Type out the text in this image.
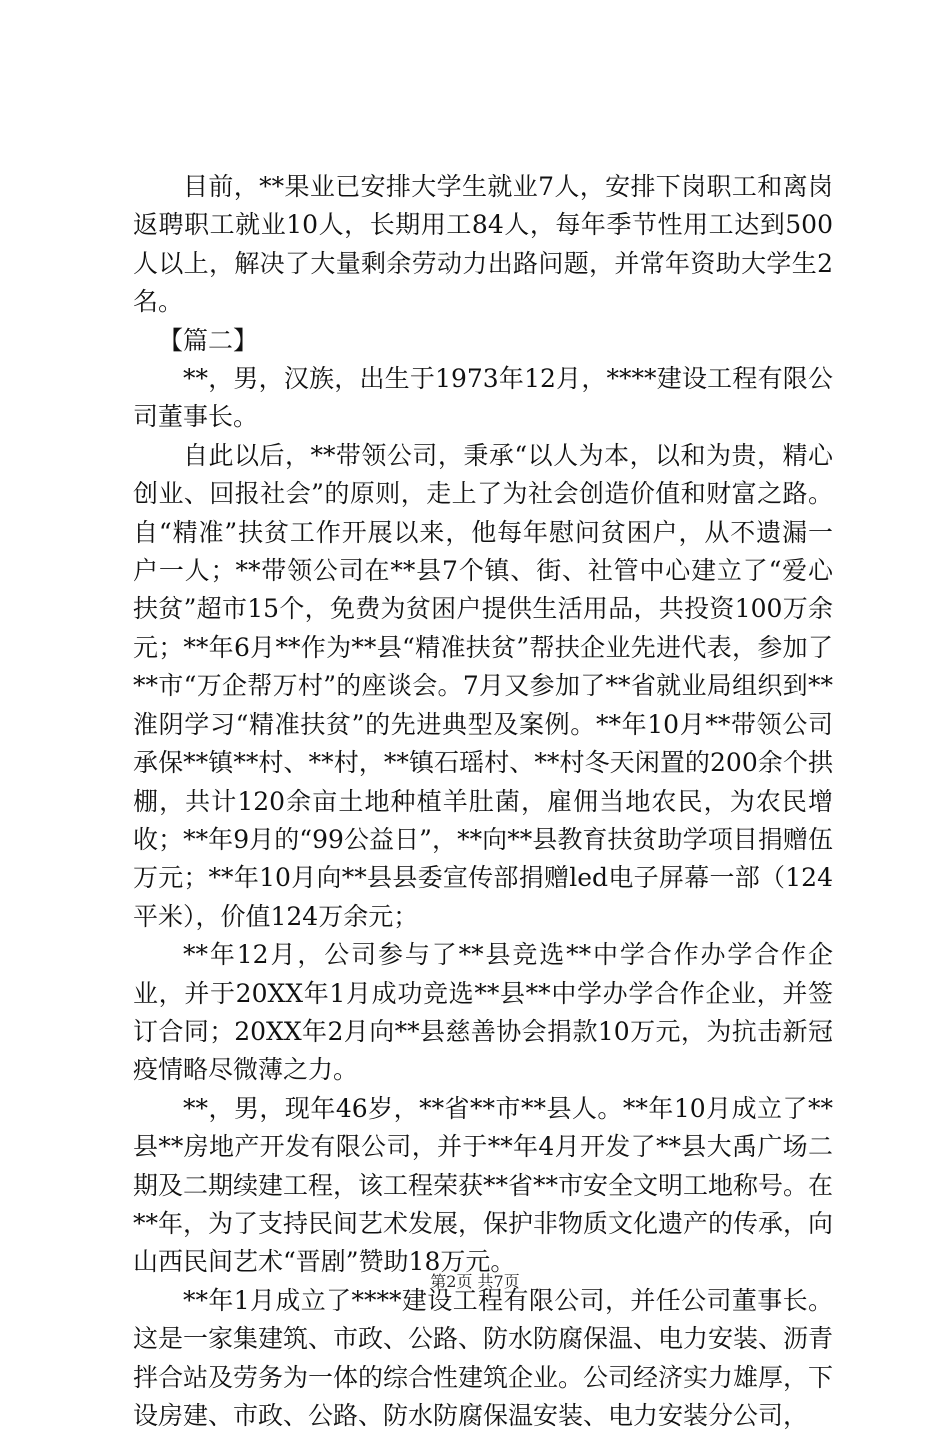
目前，**果业已安排大学生就业7人，安排下岗职工和离岗返聘职工就业10人，长期用工84人，每年季节性用工达到500人以上，解决了大量剩余劳动力出路问题，并常年资助大学生2名。

【篇二】

**，男，汉族，出生于1973年12月，****建设工程有限公司董事长。

自此以后，**带领公司，秉承“以人为本，以和为贵，精心创业、回报社会”的原则，走上了为社会创造价值和财富之路。自“精准”扶贫工作开展以来，他每年慰问贫困户，从不遗漏一户一人；**带领公司在**县7个镇、街、社管中心建立了“爱心扶贫”超市15个，免费为贫困户提供生活用品，共投资100万余元；**年6月**作为**县“精准扶贫”帮扶企业先进代表，参加了**市“万企帮万村”的座谈会。7月又参加了**省就业局组织到**淮阴学习“精准扶贫”的先进典型及案例。**年10月**带领公司承保**镇**村、**村，**镇石瑶村、**村冬天闲置的200余个拱棚，共计120余亩土地种植羊肚菌，雇佣当地农民，为农民增收；**年9月的“99公益日”，**向**县教育扶贫助学项目捐赠伍万元；**年10月向**县县委宣传部捐赠led电子屏幕一部（124平米），价值124万余元；

**年12月，公司参与了**县竞选**中学合作办学合作企业，并于20XX年1月成功竞选**县**中学办学合作企业，并签订合同；20XX年2月向**县慈善协会捐款10万元，为抗击新冠疫情略尽微薄之力。

**，男，现年46岁，**省**市**县人。**年10月成立了**县**房地产开发有限公司，并于**年4月开发了**县大禹广场二期及二期续建工程，该工程荣获**省**市安全文明工地称号。在**年，为了支持民间艺术发展，保护非物质文化遗产的传承，向山西民间艺术“晋剧”赞助18万元。

**年1月成立了****建设工程有限公司，并任公司董事长。这是一家集建筑、市政、公路、防水防腐保温、电力安装、沥青拌合站及劳务为一体的综合性建筑企业。公司经济实力雄厚，下设房建、市政、公路、防水防腐保温安装、电力安装分公司，

第2页 共7页
